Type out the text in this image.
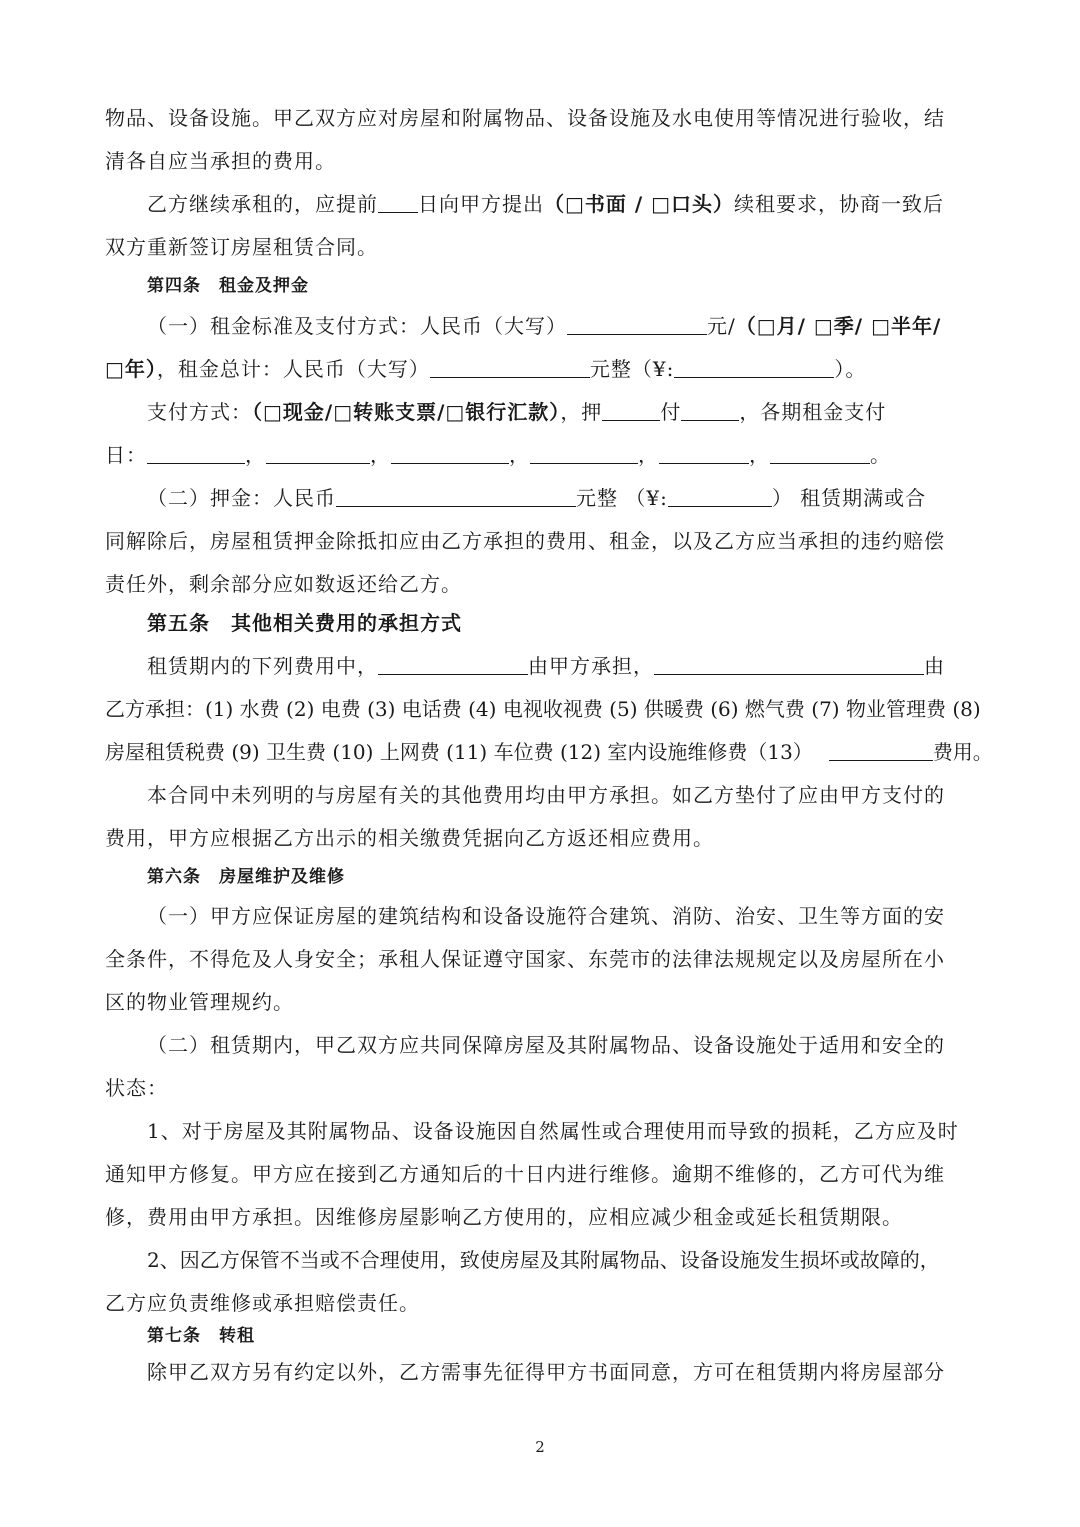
物品、设备设施。甲乙双方应对房屋和附属物品、设备设施及水电使用等情况进行验收，结
清各自应当承担的费用。
乙方继续承租的，应提前 日向甲方提出（□书面 / □口头）续租要求，协商一致后
双方重新签订房屋租赁合同。
第四条　租金及押金
（一）租金标准及支付方式：人民币（大写）	元/（□月/ □季/ □半年/
□年），租金总计：人民币（大写）	元整（¥:	）。
支付方式：（□现金/□转账支票/□银行汇款），押	付	，各期租金支付
日：	，	，	，	，	，	。
（二）押金：人民币	元整 （¥:	） 租赁期满或合
同解除后，房屋租赁押金除抵扣应由乙方承担的费用、租金，以及乙方应当承担的违约赔偿
责任外，剩余部分应如数返还给乙方。
第五条　其他相关费用的承担方式
租赁期内的下列费用中，	由甲方承担，	由
乙方承担：(1) 水费 (2) 电费 (3) 电话费 (4) 电视收视费 (5) 供暖费 (6) 燃气费 (7) 物业管理费 (8)
房屋租赁税费 (9) 卫生费 (10) 上网费 (11) 车位费 (12) 室内设施维修费（13）	费用。
本合同中未列明的与房屋有关的其他费用均由甲方承担。如乙方垫付了应由甲方支付的
费用，甲方应根据乙方出示的相关缴费凭据向乙方返还相应费用。
第六条　房屋维护及维修
（一）甲方应保证房屋的建筑结构和设备设施符合建筑、消防、治安、卫生等方面的安
全条件，不得危及人身安全；承租人保证遵守国家、东莞市的法律法规规定以及房屋所在小
区的物业管理规约。
（二）租赁期内，甲乙双方应共同保障房屋及其附属物品、设备设施处于适用和安全的
状态：
1、对于房屋及其附属物品、设备设施因自然属性或合理使用而导致的损耗，乙方应及时
通知甲方修复。甲方应在接到乙方通知后的十日内进行维修。逾期不维修的，乙方可代为维
修，费用由甲方承担。因维修房屋影响乙方使用的，应相应减少租金或延长租赁期限。
2、因乙方保管不当或不合理使用，致使房屋及其附属物品、设备设施发生损坏或故障的，
乙方应负责维修或承担赔偿责任。
第七条　转租
除甲乙双方另有约定以外，乙方需事先征得甲方书面同意，方可在租赁期内将房屋部分
2
